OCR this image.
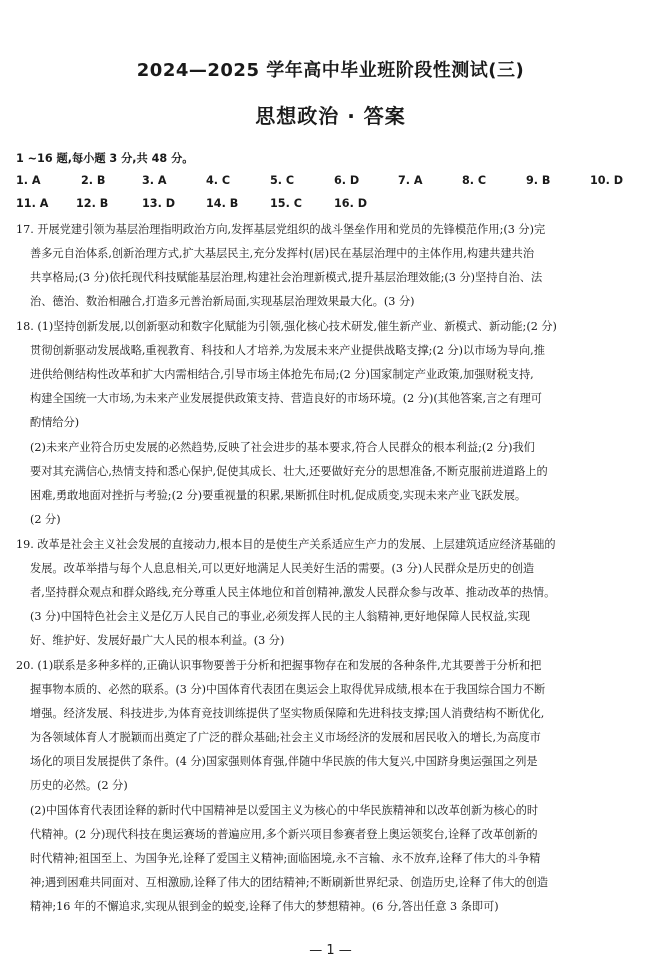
2024—2025 学年高中毕业班阶段性测试(三)
思想政治 · 答案
1 ~16 题,每小题 3 分,共 48 分。
1. A	2. B	3. A	4. C	5. C	6. D	7. A	8. C	9. B	10. D
11. A 12. B	13. D	14. B	15. C	16. D
17. 开展党建引领为基层治理指明政治方向,发挥基层党组织的战斗堡垒作用和党员的先锋模范作用;(3 分)完
善多元自治体系,创新治理方式,扩大基层民主,充分发挥村(居)民在基层治理中的主体作用,构建共建共治
共享格局;(3 分)依托现代科技赋能基层治理,构建社会治理新模式,提升基层治理效能;(3 分)坚持自治、法
治、德治、数治相融合,打造多元善治新局面,实现基层治理效果最大化。(3 分)
18. (1)坚持创新发展,以创新驱动和数字化赋能为引领,强化核心技术研发,催生新产业、新模式、新动能;(2 分)
贯彻创新驱动发展战略,重视教育、科技和人才培养,为发展未来产业提供战略支撑;(2 分)以市场为导向,推
进供给侧结构性改革和扩大内需相结合,引导市场主体抢先布局;(2 分)国家制定产业政策,加强财税支持,
构建全国统一大市场,为未来产业发展提供政策支持、营造良好的市场环境。(2 分)(其他答案,言之有理可
酌情给分)
(2)未来产业符合历史发展的必然趋势,反映了社会进步的基本要求,符合人民群众的根本利益;(2 分)我们
要对其充满信心,热情支持和悉心保护,促使其成长、壮大,还要做好充分的思想准备,不断克服前进道路上的
困难,勇敢地面对挫折与考验;(2 分)要重视量的积累,果断抓住时机,促成质变,实现未来产业飞跃发展。
(2 分)
19. 改革是社会主义社会发展的直接动力,根本目的是使生产关系适应生产力的发展、上层建筑适应经济基础的
发展。改革举措与每个人息息相关,可以更好地满足人民美好生活的需要。(3 分)人民群众是历史的创造
者,坚持群众观点和群众路线,充分尊重人民主体地位和首创精神,激发人民群众参与改革、推动改革的热情。
(3 分)中国特色社会主义是亿万人民自己的事业,必须发挥人民的主人翁精神,更好地保障人民权益,实现
好、维护好、发展好最广大人民的根本利益。(3 分)
20. (1)联系是多种多样的,正确认识事物要善于分析和把握事物存在和发展的各种条件,尤其要善于分析和把
握事物本质的、必然的联系。(3 分)中国体育代表团在奥运会上取得优异成绩,根本在于我国综合国力不断
增强。经济发展、科技进步,为体育竞技训练提供了坚实物质保障和先进科技支撑;国人消费结构不断优化,
为各领域体育人才脱颖而出奠定了广泛的群众基础;社会主义市场经济的发展和居民收入的增长,为高度市
场化的项目发展提供了条件。(4 分)国家强则体育强,伴随中华民族的伟大复兴,中国跻身奥运强国之列是
历史的必然。(2 分)
(2)中国体育代表团诠释的新时代中国精神是以爱国主义为核心的中华民族精神和以改革创新为核心的时
代精神。(2 分)现代科技在奥运赛场的普遍应用,多个新兴项目参赛者登上奥运领奖台,诠释了改革创新的
时代精神;祖国至上、为国争光,诠释了爱国主义精神;面临困境,永不言输、永不放弃,诠释了伟大的斗争精
神;遇到困难共同面对、互相激励,诠释了伟大的团结精神;不断刷新世界纪录、创造历史,诠释了伟大的创造
精神;16 年的不懈追求,实现从银到金的蜕变,诠释了伟大的梦想精神。(6 分,答出任意 3 条即可)
— 1 —
